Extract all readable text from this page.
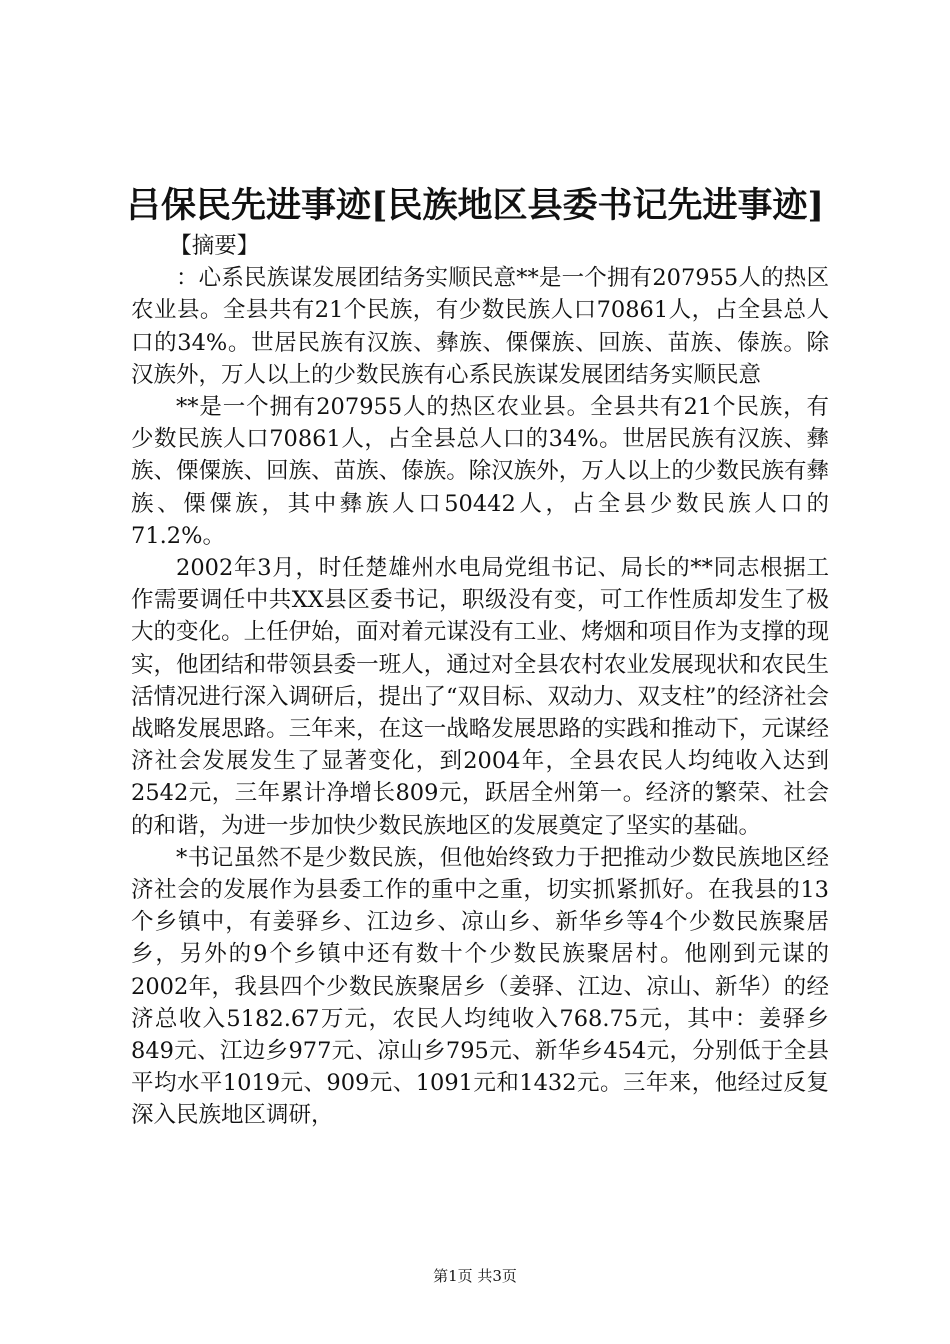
吕保民先进事迹[民族地区县委书记先进事迹]

【摘要】

：心系民族谋发展团结务实顺民意**是一个拥有207955人的热区农业县。全县共有21个民族，有少数民族人口70861人，占全县总人口的34%。世居民族有汉族、彝族、傈僳族、回族、苗族、傣族。除汉族外，万人以上的少数民族有心系民族谋发展团结务实顺民意

**是一个拥有207955人的热区农业县。全县共有21个民族，有少数民族人口70861人，占全县总人口的34%。世居民族有汉族、彝族、傈僳族、回族、苗族、傣族。除汉族外，万人以上的少数民族有彝族、傈僳族，其中彝族人口50442人，占全县少数民族人口的71.2%。

2002年3月，时任楚雄州水电局党组书记、局长的**同志根据工作需要调任中共XX县区委书记，职级没有变，可工作性质却发生了极大的变化。上任伊始，面对着元谋没有工业、烤烟和项目作为支撑的现实，他团结和带领县委一班人，通过对全县农村农业发展现状和农民生活情况进行深入调研后，提出了“双目标、双动力、双支柱”的经济社会战略发展思路。三年来，在这一战略发展思路的实践和推动下，元谋经济社会发展发生了显著变化，到2004年，全县农民人均纯收入达到2542元，三年累计净增长809元，跃居全州第一。经济的繁荣、社会的和谐，为进一步加快少数民族地区的发展奠定了坚实的基础。

*书记虽然不是少数民族，但他始终致力于把推动少数民族地区经济社会的发展作为县委工作的重中之重，切实抓紧抓好。在我县的13个乡镇中，有姜驿乡、江边乡、凉山乡、新华乡等4个少数民族聚居乡，另外的9个乡镇中还有数十个少数民族聚居村。他刚到元谋的2002年，我县四个少数民族聚居乡（姜驿、江边、凉山、新华）的经济总收入5182.67万元，农民人均纯收入768.75元，其中：姜驿乡849元、江边乡977元、凉山乡795元、新华乡454元，分别低于全县平均水平1019元、909元、1091元和1432元。三年来，他经过反复深入民族地区调研，

第1页 共3页
